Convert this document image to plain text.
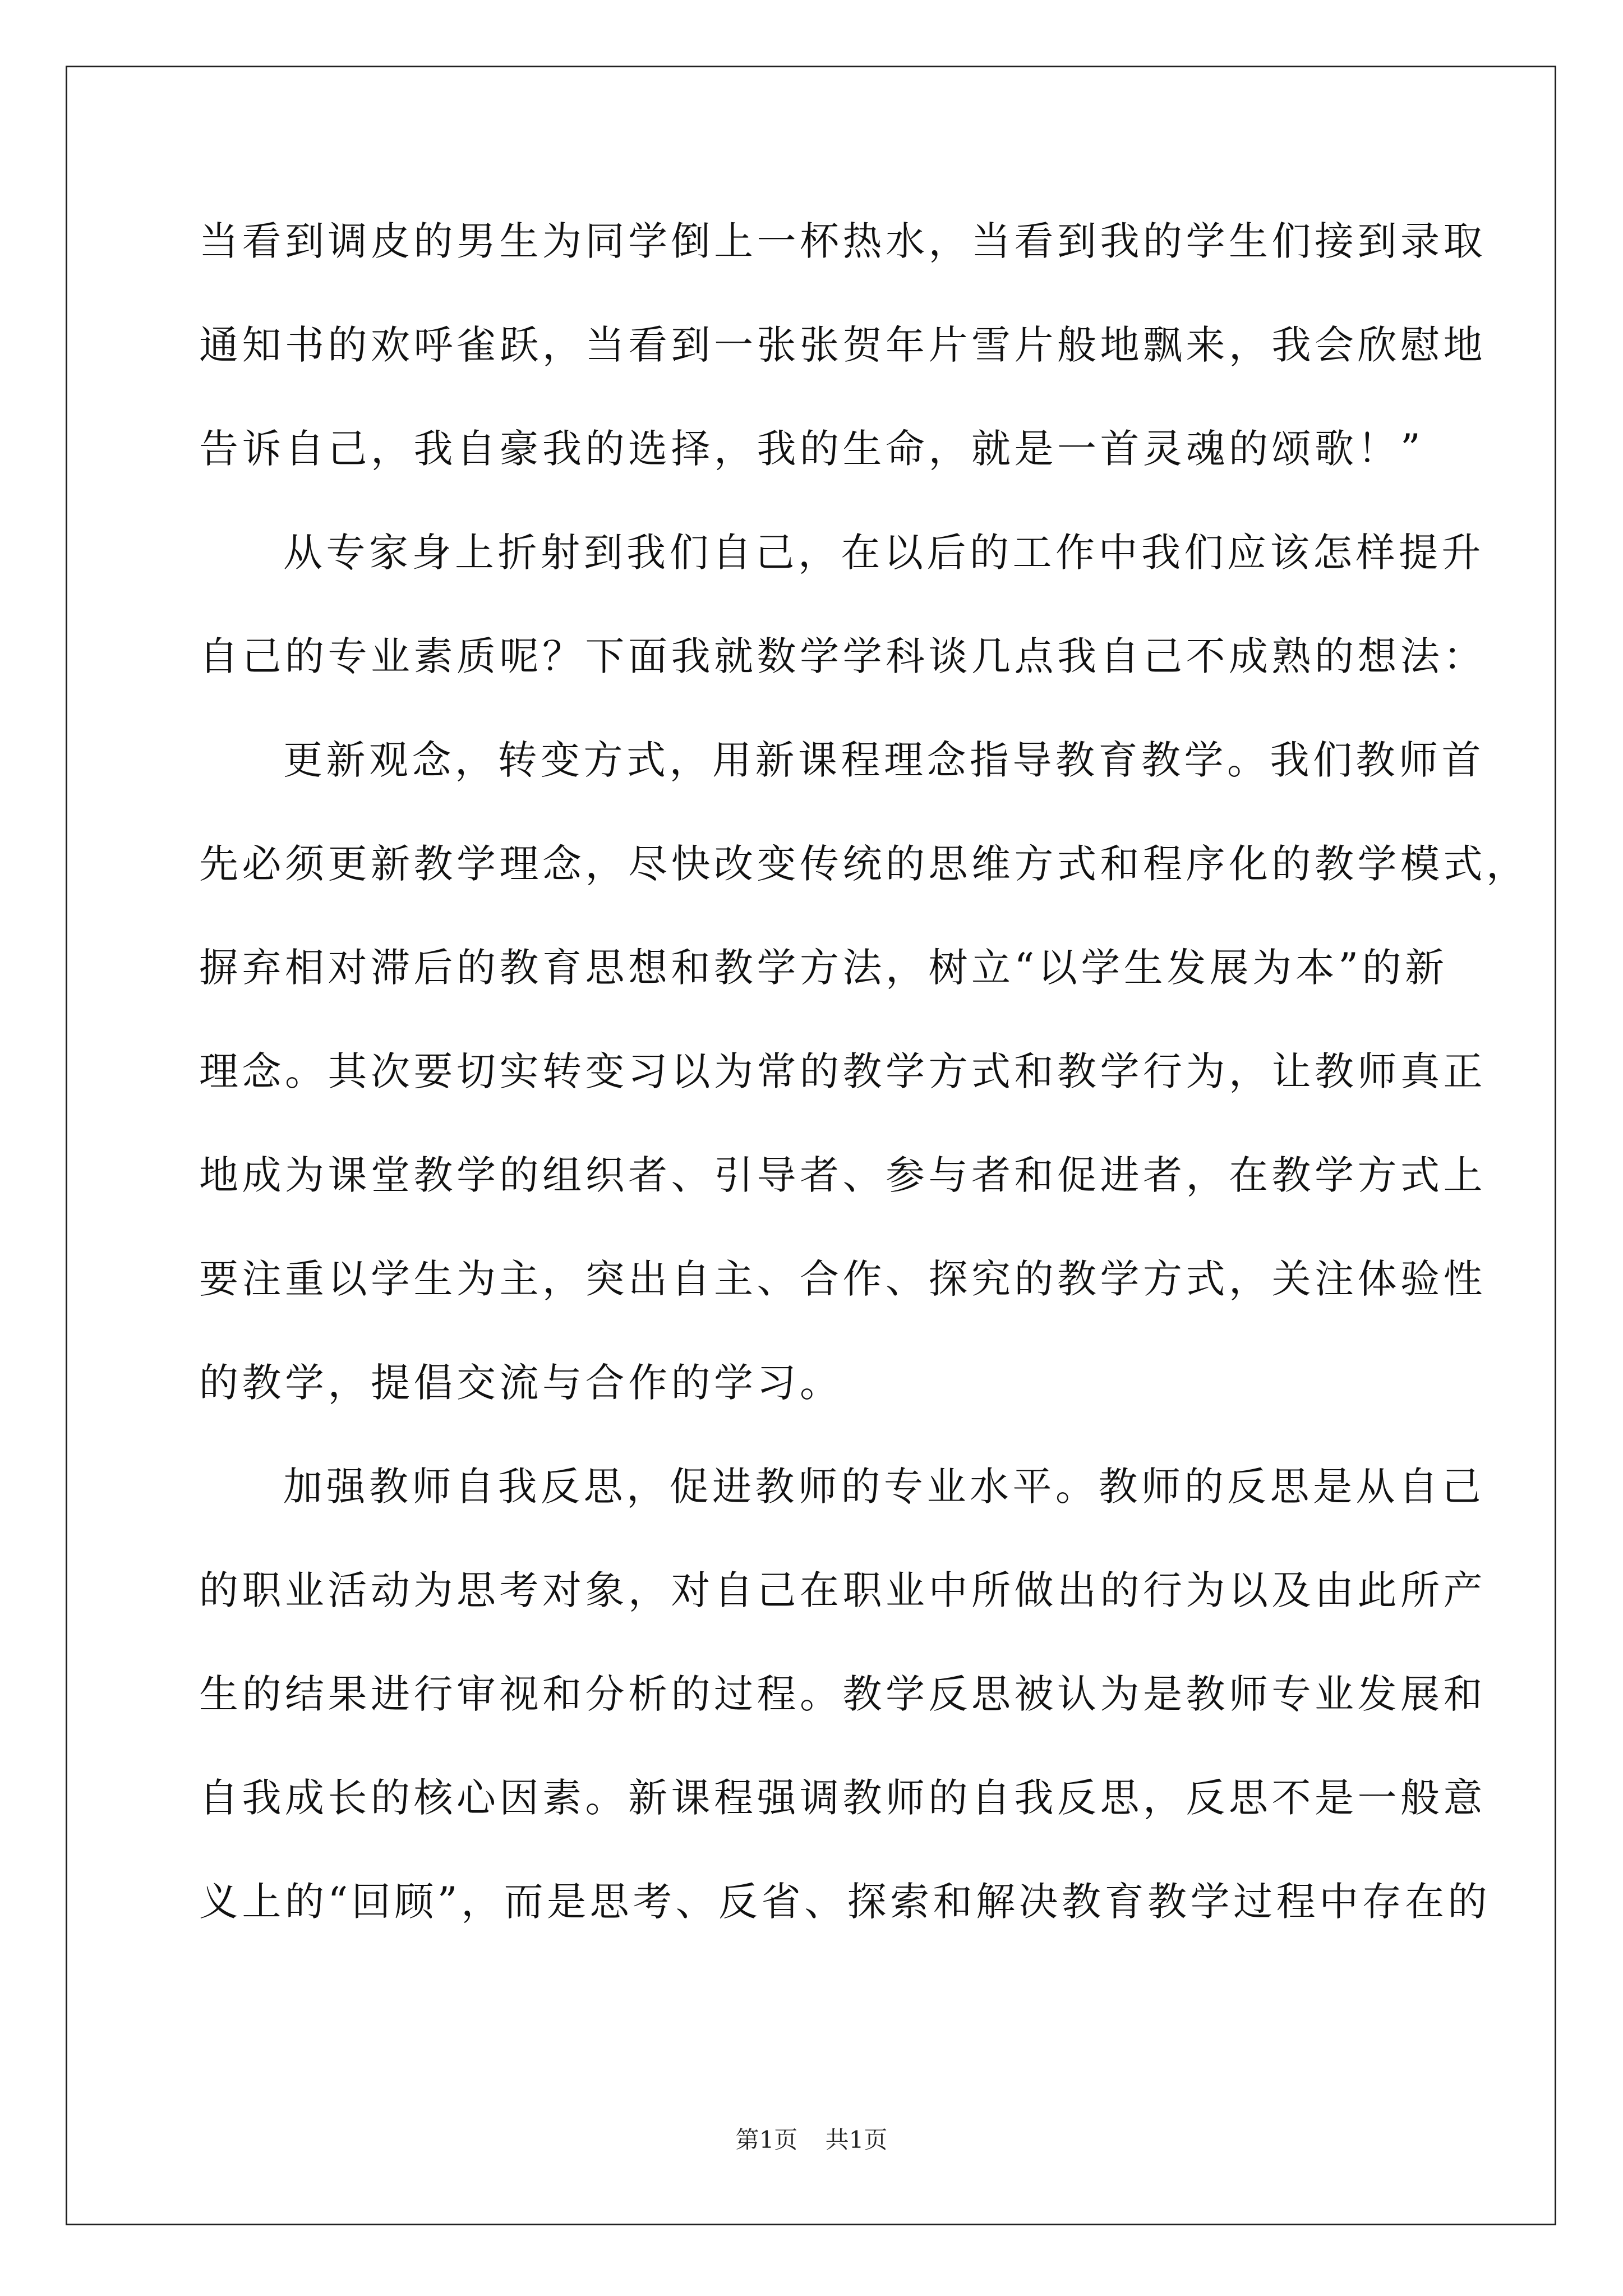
当看到调皮的男生为同学倒上一杯热水，当看到我的学生们接到录取
通知书的欢呼雀跃，当看到一张张贺年片雪片般地飘来，我会欣慰地
告诉自己，我自豪我的选择，我的生命，就是一首灵魂的颂歌！”
从专家身上折射到我们自己，在以后的工作中我们应该怎样提升
自己的专业素质呢？下面我就数学学科谈几点我自己不成熟的想法：
更新观念，转变方式，用新课程理念指导教育教学。我们教师首
先必须更新教学理念，尽快改变传统的思维方式和程序化的教学模式，
摒弃相对滞后的教育思想和教学方法，树立“以学生发展为本”的新
理念。其次要切实转变习以为常的教学方式和教学行为，让教师真正
地成为课堂教学的组织者、引导者、参与者和促进者，在教学方式上
要注重以学生为主，突出自主、合作、探究的教学方式，关注体验性
的教学，提倡交流与合作的学习。
加强教师自我反思，促进教师的专业水平。教师的反思是从自己
的职业活动为思考对象，对自己在职业中所做出的行为以及由此所产
生的结果进行审视和分析的过程。教学反思被认为是教师专业发展和
自我成长的核心因素。新课程强调教师的自我反思，反思不是一般意
义上的“回顾”，而是思考、反省、探索和解决教育教学过程中存在的
第1页 共1页
